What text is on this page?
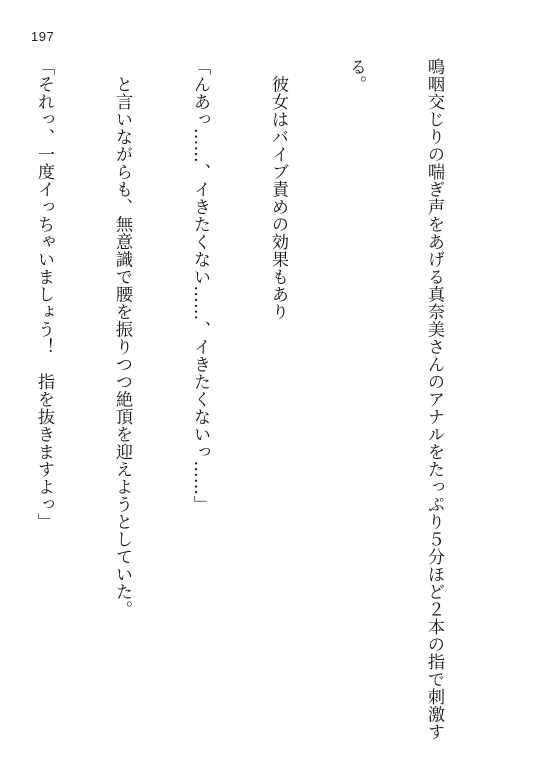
197

鳴咽交じりの喘ぎ声をあげる真奈美さんのアナルをたっぷり５分ほど２本の指で刺激す

る。

　彼女はバイブ責めの効果もあり

「んあっ……、イきたくない……、イきたくないっ……」

　と言いながらも、無意識で腰を振りつつ絶頂を迎えようとしていた。

「それっ、一度イっちゃいましょう！　指を抜きますよっ」
